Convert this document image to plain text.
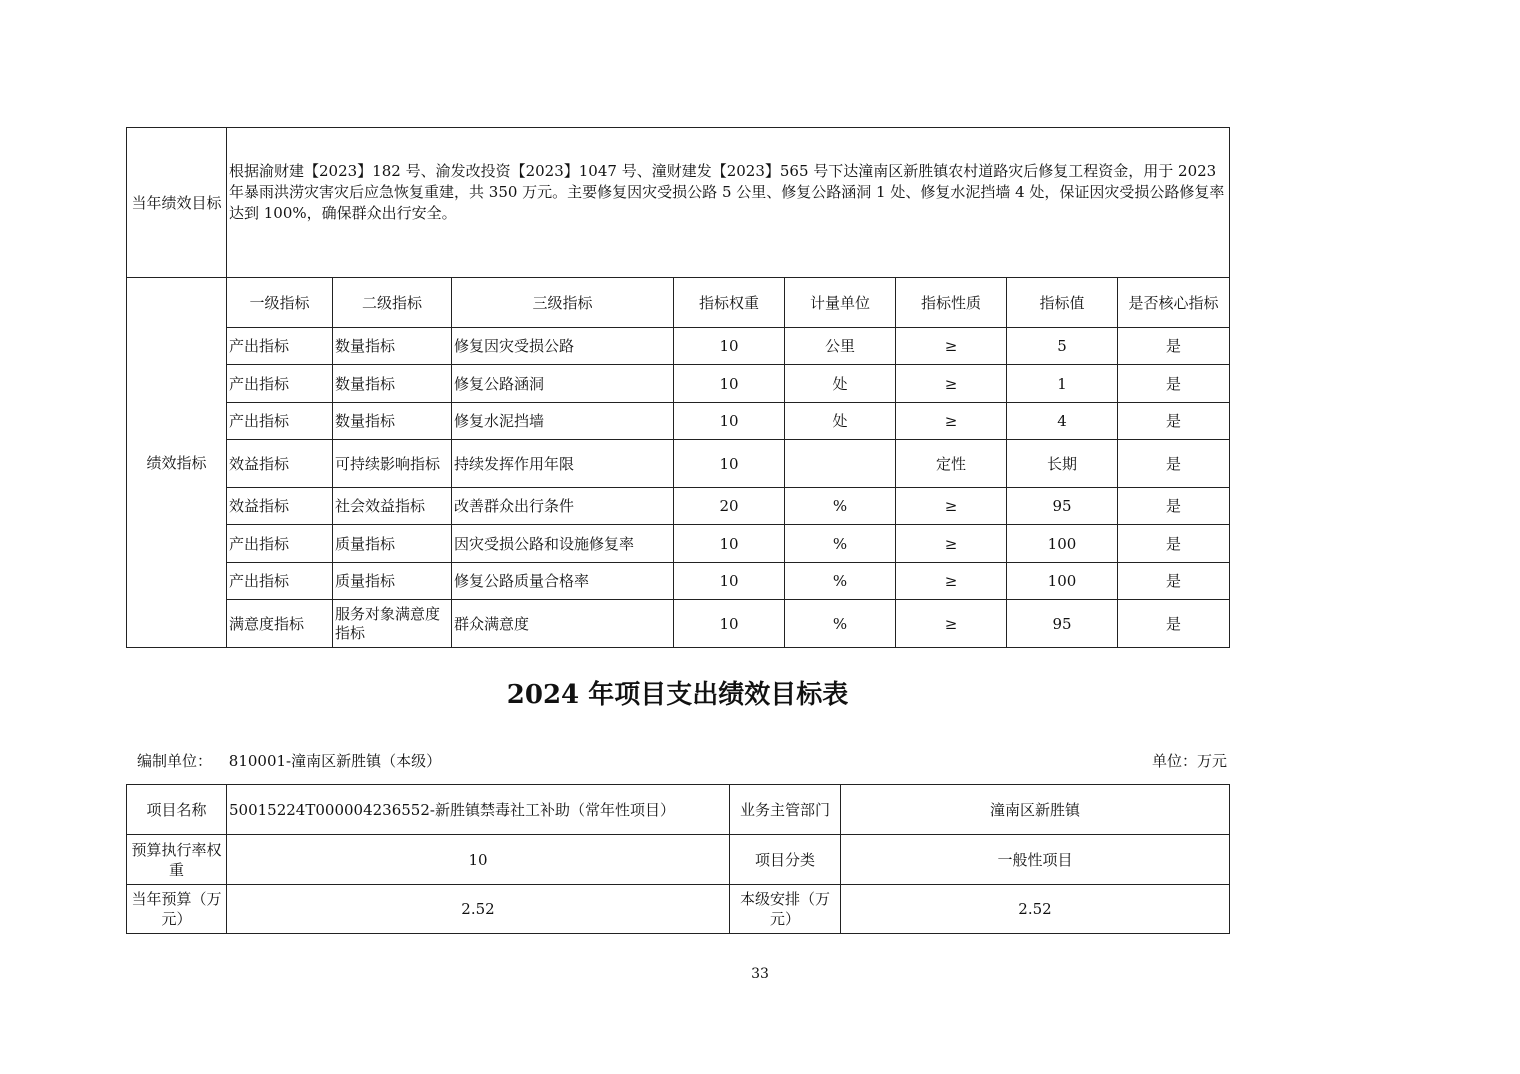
当年绩效目标	根据渝财建【2023】182 号、渝发改投资【2023】1047 号、潼财建发【2023】565 号下达潼南区新胜镇农村道路灾后修复工程资金，用于 2023 年暴雨洪涝灾害灾后应急恢复重建，共 350 万元。主要修复因灾受损公路 5 公里、修复公路涵洞 1 处、修复水泥挡墙 4 处，保证因灾受损公路修复率达到 100%，确保群众出行安全。							
绩效指标	一级指标	二级指标	三级指标	指标权重	计量单位	指标性质	指标值	是否核心指标
	产出指标	数量指标	修复因灾受损公路	10	公里	≥	5	是
	产出指标	数量指标	修复公路涵洞	10	处	≥	1	是
	产出指标	数量指标	修复水泥挡墙	10	处	≥	4	是
	效益指标	可持续影响指标	持续发挥作用年限	10		定性	长期	是
	效益指标	社会效益指标	改善群众出行条件	20	%	≥	95	是
	产出指标	质量指标	因灾受损公路和设施修复率	10	%	≥	100	是
	产出指标	质量指标	修复公路质量合格率	10	%	≥	100	是
	满意度指标	服务对象满意度指标	群众满意度	10	%	≥	95	是
2024 年项目支出绩效目标表
编制单位： 810001-潼南区新胜镇（本级）	单位：万元
项目名称	50015224T000004236552-新胜镇禁毒社工补助（常年性项目）	业务主管部门	潼南区新胜镇
预算执行率权重	10	项目分类	一般性项目
当年预算（万元）	2.52	本级安排（万元）	2.52
33
